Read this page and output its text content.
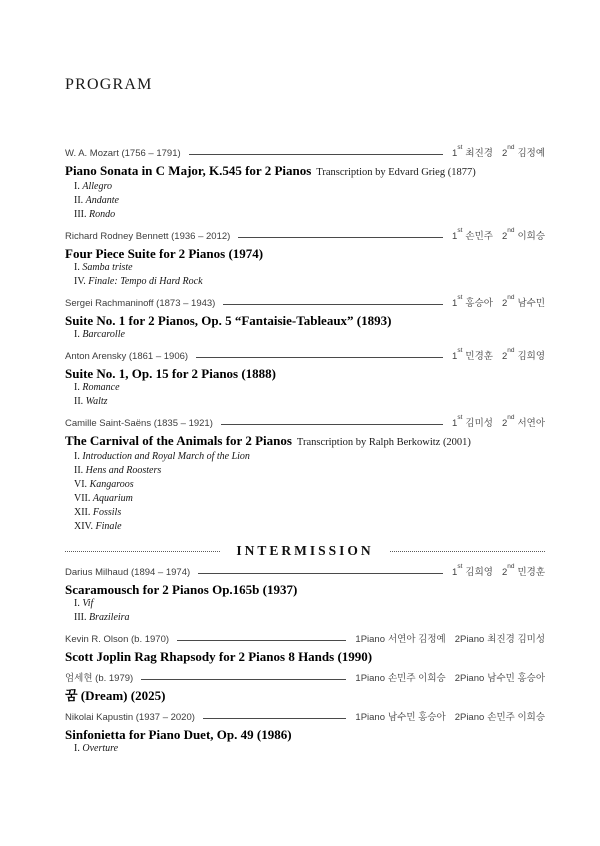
PROGRAM
W. A. Mozart (1756 – 1791)	1st최진경 2nd김정예
Piano Sonata in C Major, K.545 for 2 Pianos Transcription by Edvard Grieg (1877)
I. Allegro
II. Andante
III. Rondo
Richard Rodney Bennett (1936 – 2012)	1st손민주 2nd이희승
Four Piece Suite for 2 Pianos (1974)
I. Samba triste
IV. Finale: Tempo di Hard Rock
Sergei Rachmaninoff (1873 – 1943)	1st홍승아 2nd남수민
Suite No. 1 for 2 Pianos, Op. 5 “Fantaisie-Tableaux” (1893)
I. Barcarolle
Anton Arensky (1861 – 1906)	1st민경훈 2nd김희영
Suite No. 1, Op. 15 for 2 Pianos (1888)
I. Romance
II. Waltz
Camille Saint-Saëns (1835 – 1921)	1st김미성 2nd서연아
The Carnival of the Animals for 2 Pianos Transcription by Ralph Berkowitz (2001)
I. Introduction and Royal March of the Lion
II. Hens and Roosters
VI. Kangaroos
VII. Aquarium
XII. Fossils
XIV. Finale
INTERMISSION
Darius Milhaud (1894 – 1974)	1st김희영 2nd민경훈
Scaramousch for 2 Pianos Op.165b (1937)
I. Vif
III. Brazileira
Kevin R. Olson (b. 1970)	1Piano 서연아 김정예 2Piano 최진경 김미성
Scott Joplin Rag Rhapsody for 2 Pianos 8 Hands (1990)
엄세현 (b. 1979)	1Piano 손민주 이희승 2Piano 남수민 홍승아
꿈 (Dream) (2025)
Nikolai Kapustin (1937 – 2020)	1Piano 남수민 홍승아 2Piano 손민주 이희승
Sinfonietta for Piano Duet, Op. 49 (1986)
I. Overture
